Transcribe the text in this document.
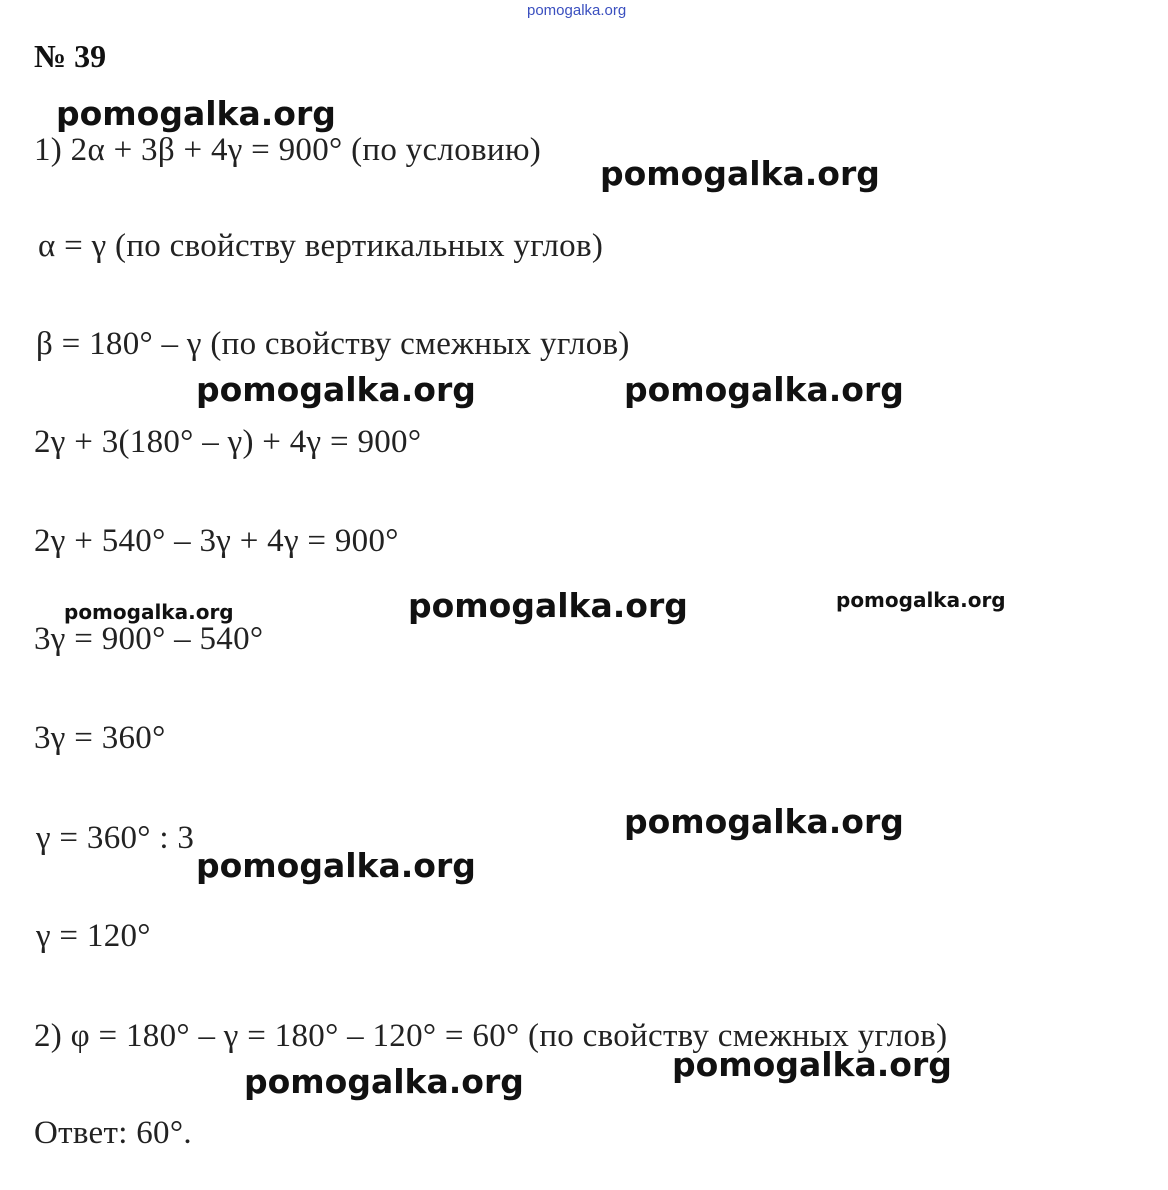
pomogalka.org
№ 39
1) 2α + 3β + 4γ = 900° (по условию)
α = γ (по свойству вертикальных углов)
β = 180° – γ (по свойству смежных углов)
2γ + 3(180° – γ) + 4γ = 900°
2γ + 540° – 3γ + 4γ = 900°
3γ = 900° – 540°
3γ = 360°
γ = 360° : 3
γ = 120°
2) φ = 180° – γ = 180° – 120° = 60° (по свойству смежных углов)
Ответ: 60°.
pomogalka.org
pomogalka.org
pomogalka.org	pomogalka.org
pomogalka.org	pomogalka.org	pomogalka.org
pomogalka.org
pomogalka.org
pomogalka.org
pomogalka.org
